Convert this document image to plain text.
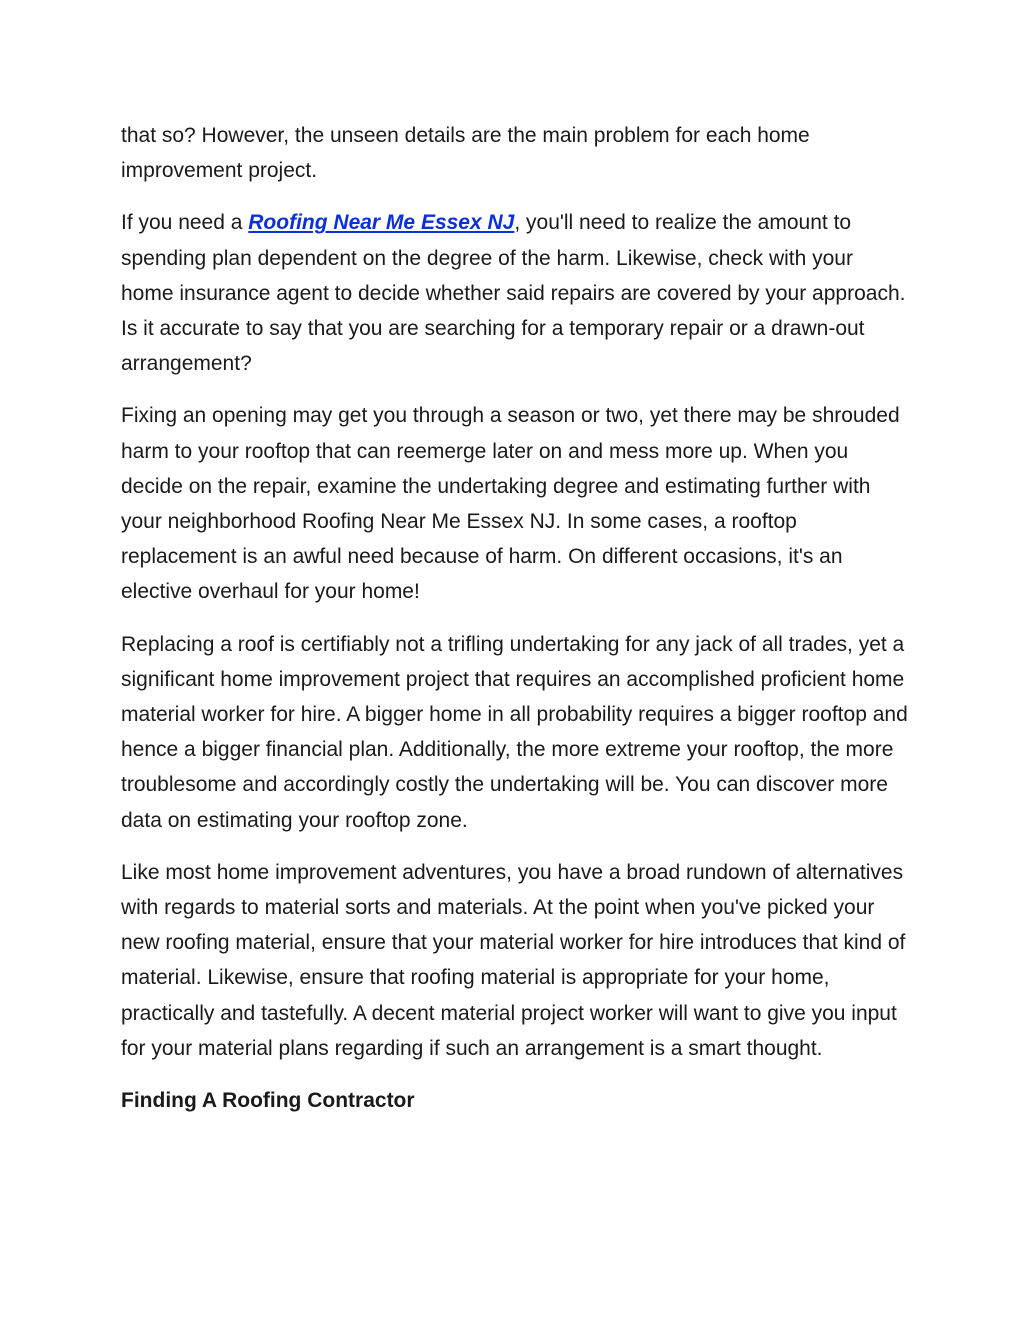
that so? However, the unseen details are the main problem for each home improvement project.

If you need a Roofing Near Me Essex NJ, you'll need to realize the amount to spending plan dependent on the degree of the harm. Likewise, check with your home insurance agent to decide whether said repairs are covered by your approach. Is it accurate to say that you are searching for a temporary repair or a drawn-out arrangement?

Fixing an opening may get you through a season or two, yet there may be shrouded harm to your rooftop that can reemerge later on and mess more up. When you decide on the repair, examine the undertaking degree and estimating further with your neighborhood Roofing Near Me Essex NJ. In some cases, a rooftop replacement is an awful need because of harm. On different occasions, it's an elective overhaul for your home!

Replacing a roof is certifiably not a trifling undertaking for any jack of all trades, yet a significant home improvement project that requires an accomplished proficient home material worker for hire. A bigger home in all probability requires a bigger rooftop and hence a bigger financial plan. Additionally, the more extreme your rooftop, the more troublesome and accordingly costly the undertaking will be. You can discover more data on estimating your rooftop zone.

Like most home improvement adventures, you have a broad rundown of alternatives with regards to material sorts and materials. At the point when you've picked your new roofing material, ensure that your material worker for hire introduces that kind of material. Likewise, ensure that roofing material is appropriate for your home, practically and tastefully. A decent material project worker will want to give you input for your material plans regarding if such an arrangement is a smart thought.

Finding A Roofing Contractor
